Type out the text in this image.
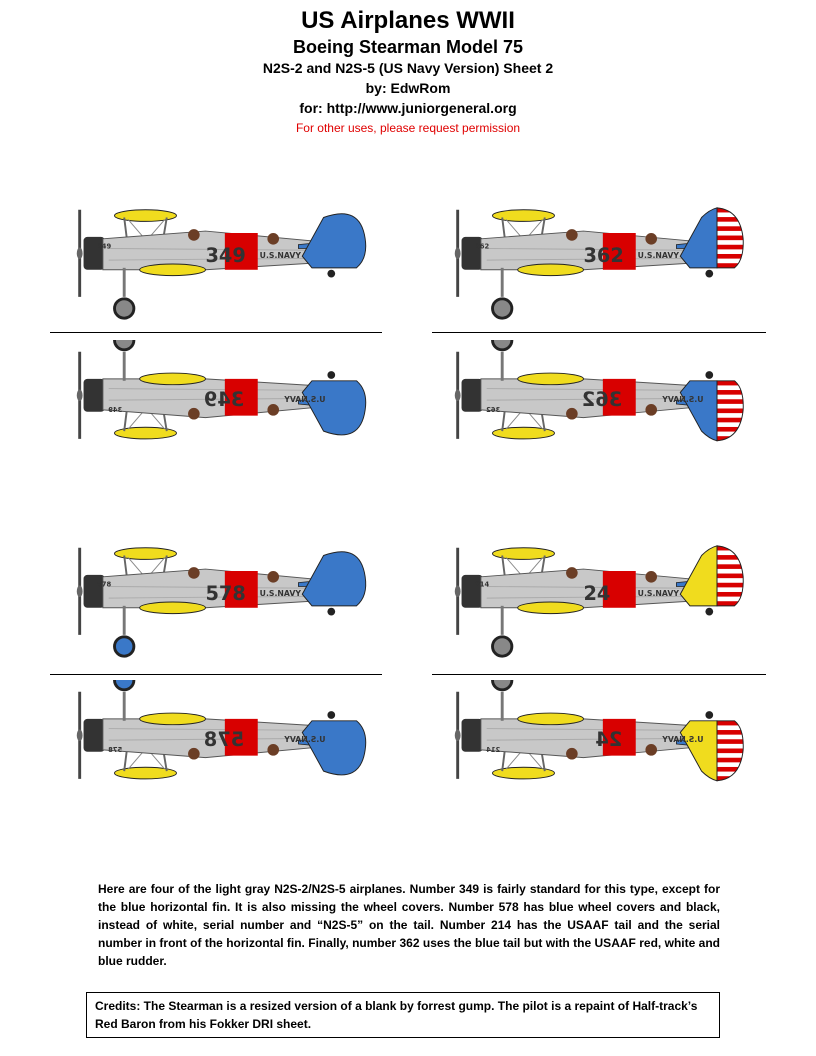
US Airplanes WWII
Boeing Stearman Model 75
N2S-2 and N2S-5 (US Navy Version) Sheet 2
by: EdwRom
for: http://www.juniorgeneral.org
For other uses, please request permission
349 U.S.NAVY
349	362 U.S.NAVY
362
349	U.S.NAVY
349	362	U.S.NAVY
362
578 U.S.NAVY
578	24	U.S.NAVY
214
578	U.S.NAVY
578	24	U.S.NAVY
214
Here are four of the light gray N2S-2/N2S-5 airplanes. Number 349 is fairly standard for this type, except for the blue horizontal fin. It is also missing the wheel covers. Number 578 has blue wheel covers and black, instead of white, serial number and “N2S-5” on the tail. Number 214 has the USAAF tail and the serial number in front of the horizontal fin. Finally, number 362 uses the blue tail but with the USAAF red, white and blue rudder.
Credits: The Stearman is a resized version of a blank by forrest gump. The pilot is a repaint of Half-track’s Red Baron from his Fokker DRI sheet.
